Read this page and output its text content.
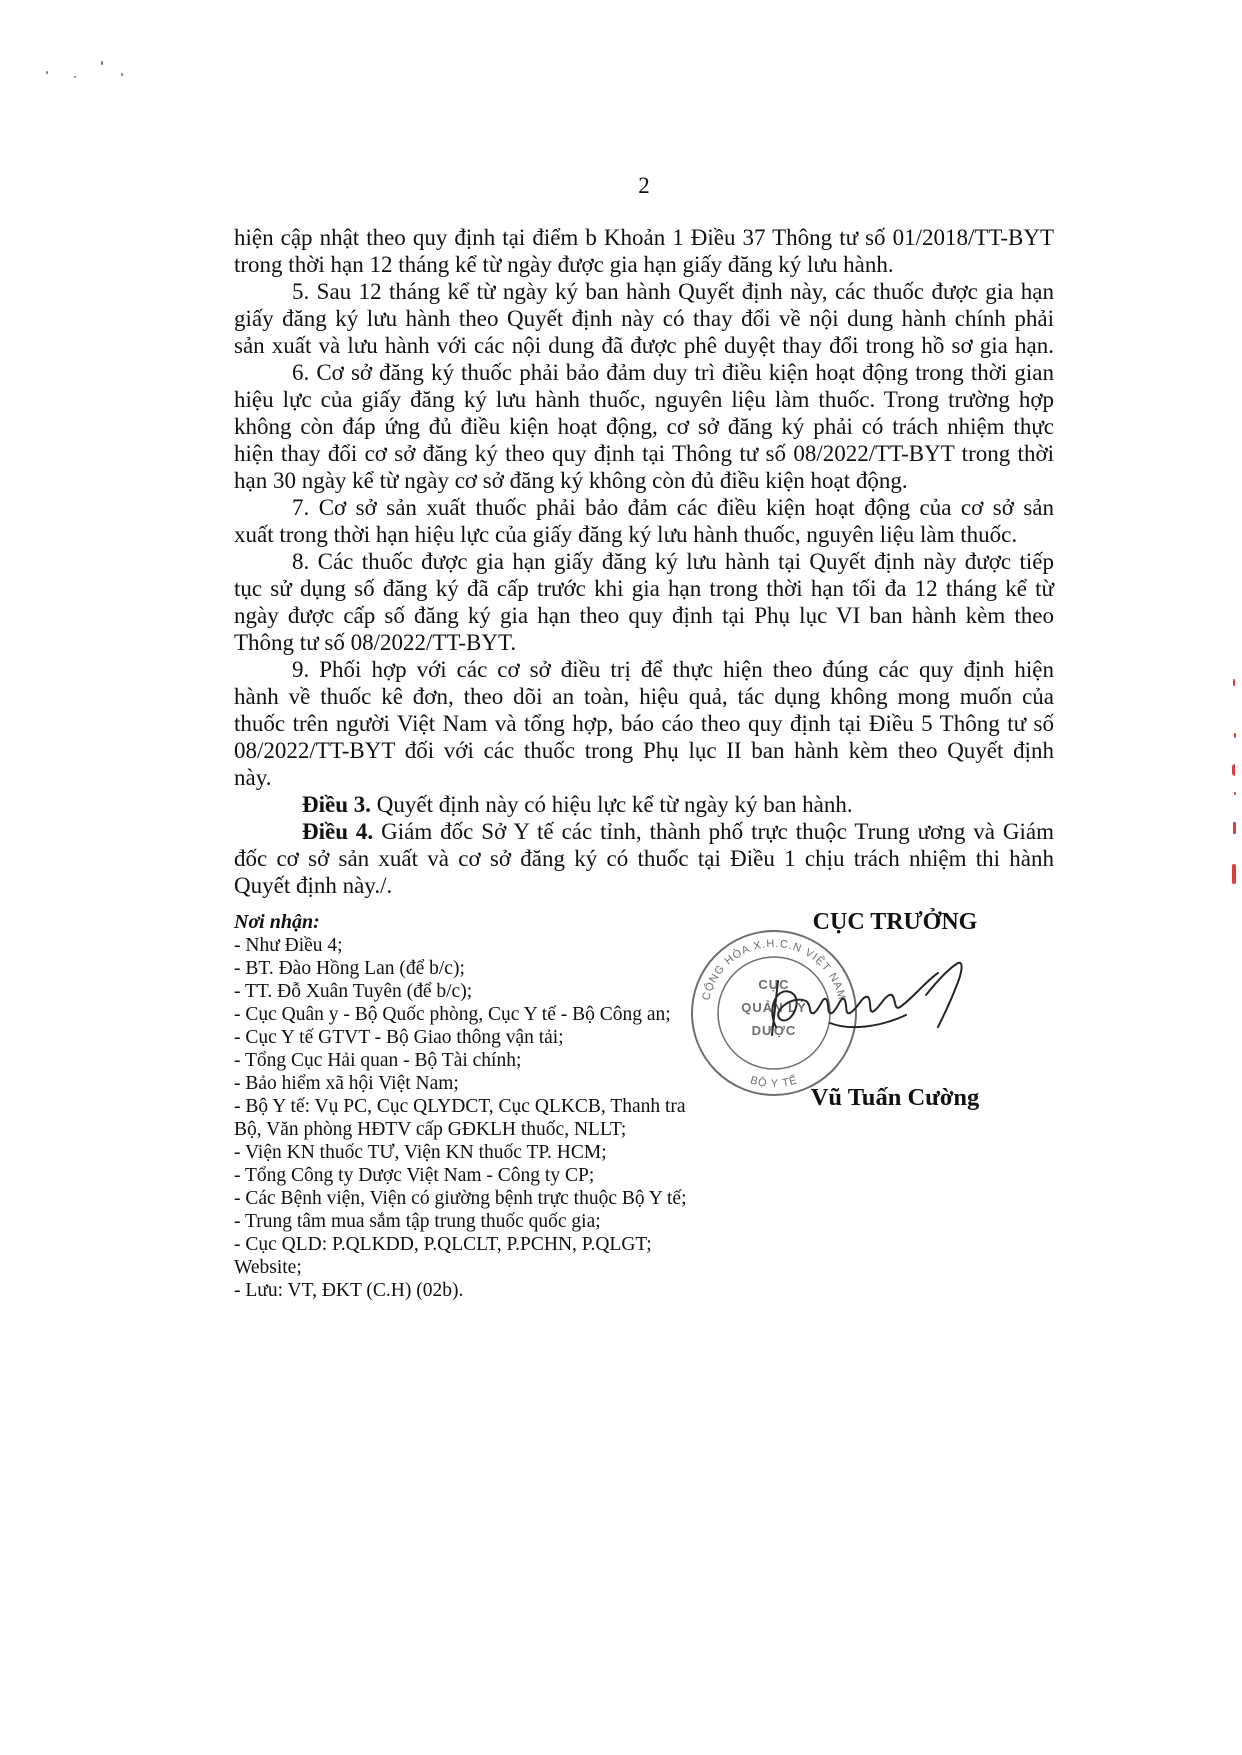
2
hiện cập nhật theo quy định tại điểm b Khoản 1 Điều 37 Thông tư số 01/2018/TT-BYT
trong thời hạn 12 tháng kể từ ngày được gia hạn giấy đăng ký lưu hành.
5. Sau 12 tháng kể từ ngày ký ban hành Quyết định này, các thuốc được gia hạn
giấy đăng ký lưu hành theo Quyết định này có thay đổi về nội dung hành chính phải
sản xuất và lưu hành với các nội dung đã được phê duyệt thay đổi trong hồ sơ gia hạn.
6. Cơ sở đăng ký thuốc phải bảo đảm duy trì điều kiện hoạt động trong thời gian
hiệu lực của giấy đăng ký lưu hành thuốc, nguyên liệu làm thuốc. Trong trường hợp
không còn đáp ứng đủ điều kiện hoạt động, cơ sở đăng ký phải có trách nhiệm thực
hiện thay đổi cơ sở đăng ký theo quy định tại Thông tư số 08/2022/TT-BYT trong thời
hạn 30 ngày kể từ ngày cơ sở đăng ký không còn đủ điều kiện hoạt động.
7. Cơ sở sản xuất thuốc phải bảo đảm các điều kiện hoạt động của cơ sở sản
xuất trong thời hạn hiệu lực của giấy đăng ký lưu hành thuốc, nguyên liệu làm thuốc.
8. Các thuốc được gia hạn giấy đăng ký lưu hành tại Quyết định này được tiếp
tục sử dụng số đăng ký đã cấp trước khi gia hạn trong thời hạn tối đa 12 tháng kể từ
ngày được cấp số đăng ký gia hạn theo quy định tại Phụ lục VI ban hành kèm theo
Thông tư số 08/2022/TT-BYT.
9. Phối hợp với các cơ sở điều trị để thực hiện theo đúng các quy định hiện
hành về thuốc kê đơn, theo dõi an toàn, hiệu quả, tác dụng không mong muốn của
thuốc trên người Việt Nam và tổng hợp, báo cáo theo quy định tại Điều 5 Thông tư số
08/2022/TT-BYT đối với các thuốc trong Phụ lục II ban hành kèm theo Quyết định
này.
Điều 3. Quyết định này có hiệu lực kể từ ngày ký ban hành.
Điều 4. Giám đốc Sở Y tế các tỉnh, thành phố trực thuộc Trung ương và Giám
đốc cơ sở sản xuất và cơ sở đăng ký có thuốc tại Điều 1 chịu trách nhiệm thi hành
Quyết định này./.
Nơi nhận:
- Như Điều 4;
- BT. Đào Hồng Lan (để b/c);
- TT. Đỗ Xuân Tuyên (để b/c);
- Cục Quân y - Bộ Quốc phòng, Cục Y tế - Bộ Công an;
- Cục Y tế GTVT - Bộ Giao thông vận tải;
- Tổng Cục Hải quan - Bộ Tài chính;
- Bảo hiểm xã hội Việt Nam;
- Bộ Y tế: Vụ PC, Cục QLYDCT, Cục QLKCB, Thanh tra
Bộ, Văn phòng HĐTV cấp GĐKLH thuốc, NLLT;
- Viện KN thuốc TƯ, Viện KN thuốc TP. HCM;
- Tổng Công ty Dược Việt Nam - Công ty CP;
- Các Bệnh viện, Viện có giường bệnh trực thuộc Bộ Y tế;
- Trung tâm mua sắm tập trung thuốc quốc gia;
- Cục QLD: P.QLKDD, P.QLCLT, P.PCHN, P.QLGT;
Website;
- Lưu: VT, ĐKT (C.H) (02b).
CỤC TRƯỞNG
CỘNG HÒA X.H.C.N VIỆT NAM
BỘ Y TẾ
CỤC
QUẢN LÝ
DƯỢC
Vũ Tuấn Cường
